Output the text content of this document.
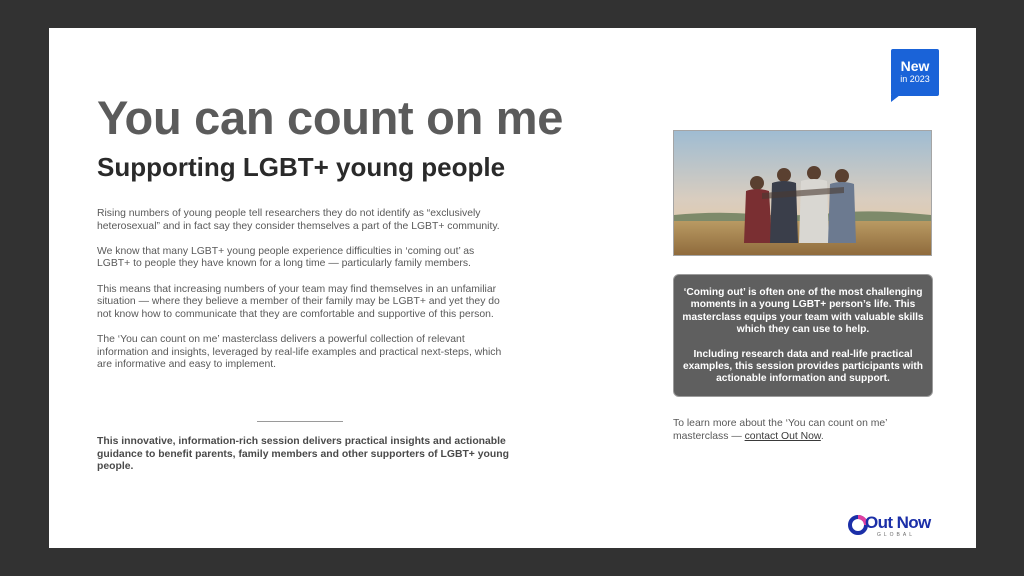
New
in 2023
You can count on me
Supporting LGBT+ young people

Rising numbers of young people tell researchers they do not identify as “exclusively heterosexual” and in fact say they consider themselves a part of the LGBT+ community.

We know that many LGBT+ young people experience difficulties in ‘coming out’ as LGBT+ to people they have known for a long time — particularly family members.

This means that increasing numbers of your team may find themselves in an unfamiliar situation — where they believe a member of their family may be LGBT+ and yet they do not know how to communicate that they are comfortable and supportive of this person.

The ‘You can count on me’ masterclass delivers a powerful collection of relevant information and insights, leveraged by real-life examples and practical next-steps, which are informative and easy to implement.

This innovative, information-rich session delivers practical insights and actionable guidance to benefit parents, family members and other supporters of LGBT+ young people.

‘Coming out’ is often one of the most challenging moments in a young LGBT+ person’s life. This masterclass equips your team with valuable skills which they can use to help.

Including research data and real-life practical examples, this session provides participants with actionable information and support.

To learn more about the ‘You can count on me’ masterclass — contact Out Now.

Out Now
GLOBAL
